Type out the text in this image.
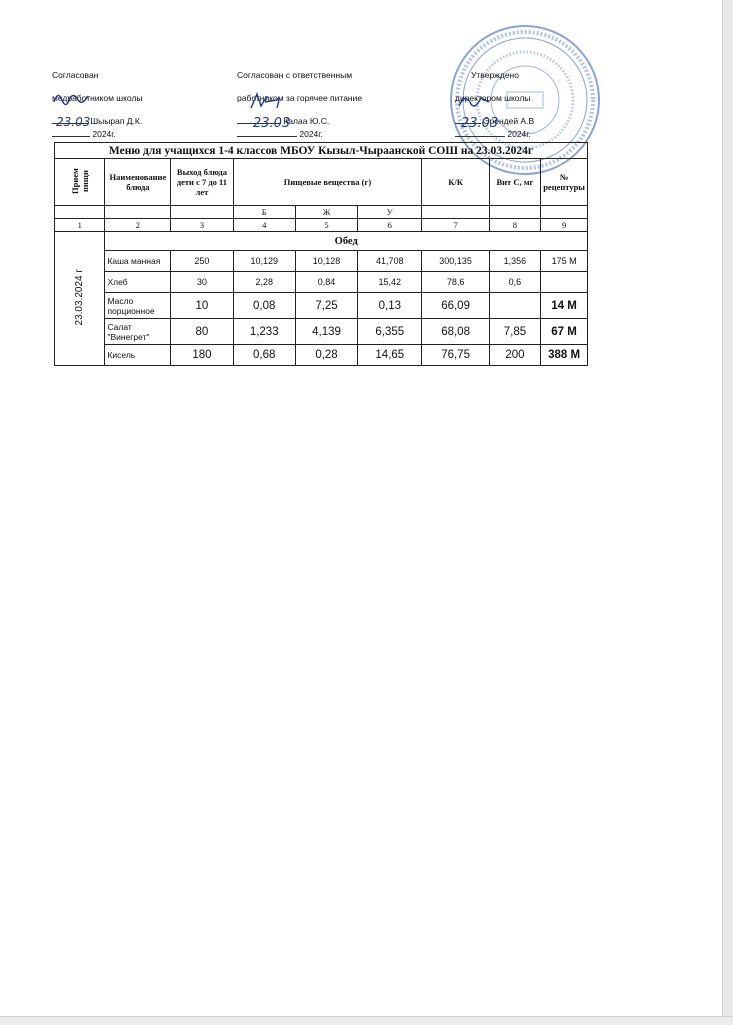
Согласован
медработником школы
Шыырап Д.К.
2024г.
23.03
Согласован с ответственным
работником за горячее питание
Калаа Ю.С.
2024г.
23.03
Утверждено
директором школы
Эрендей А.В
2024г.
23.03
Меню для учащихся 1-4 классов МБОУ Кызыл-Чыраанской СОШ на 23.03.2024г								
Прием пищи	Наименование блюда	Выход блюда дети с 7 до 11 лет	Пищевые вещества (г)			К/К	Вит С, мг	№ рецептуры
			Б	Ж	У			
1	2	3	4	5	6	7	8	9
23.03.2024 г	Обед							
	Каша манная	250	10,129	10,128	41,708	300,135	1,356	175 М
	Хлеб	30	2,28	0,84	15,42	78,6	0,6	
	Масло порционное	10	0,08	7,25	0,13	66,09		14 М
	Салат "Винегрет"	80	1,233	4,139	6,355	68,08	7,85	67 М
	Кисель	180	0,68	0,28	14,65	76,75	200	388 М
